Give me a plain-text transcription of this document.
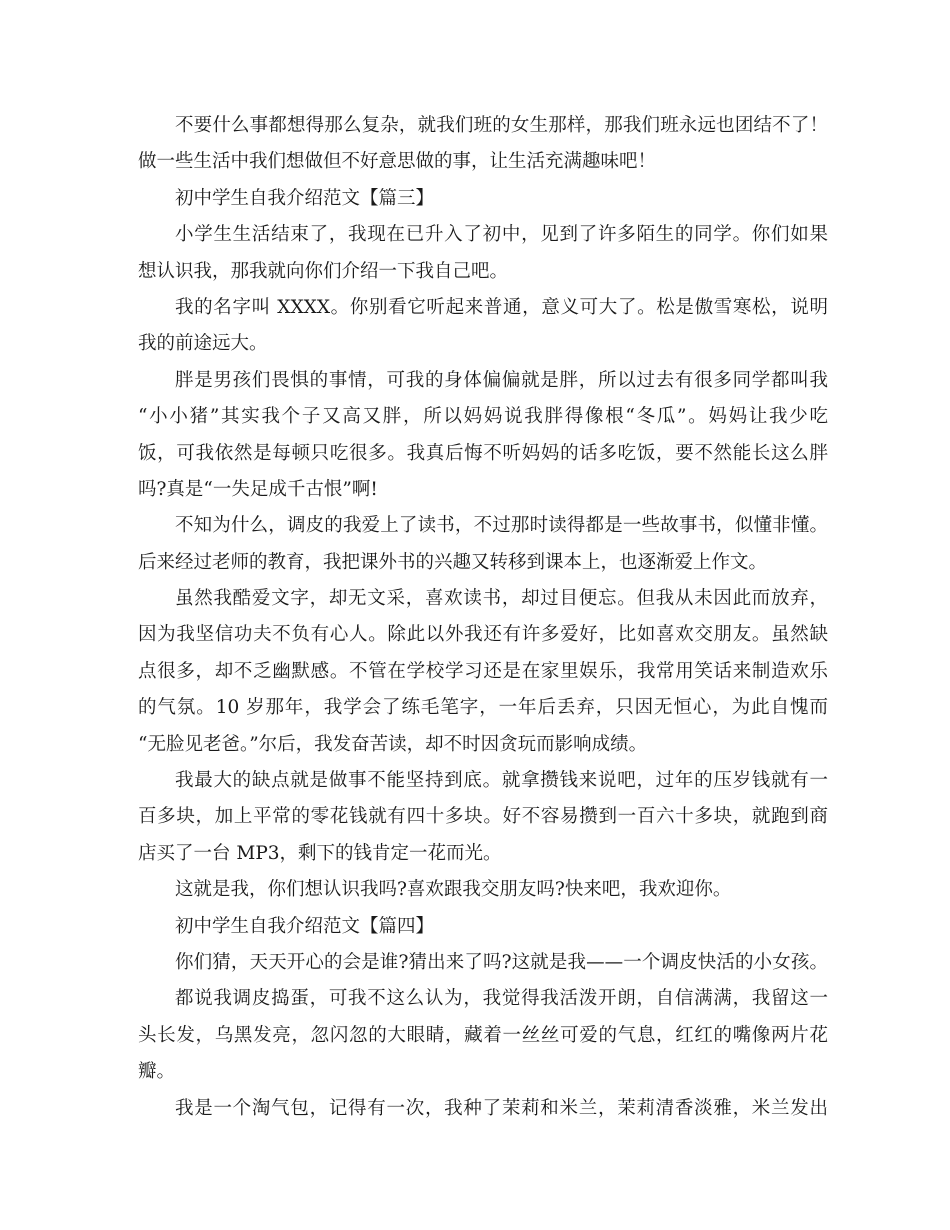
不要什么事都想得那么复杂，就我们班的女生那样，那我们班永远也团结不了！
做一些生活中我们想做但不好意思做的事，让生活充满趣味吧！
初中学生自我介绍范文【篇三】
小学生生活结束了，我现在已升入了初中，见到了许多陌生的同学。你们如果
想认识我，那我就向你们介绍一下我自己吧。
我的名字叫 XXXX。你别看它听起来普通，意义可大了。松是傲雪寒松，说明
我的前途远大。
胖是男孩们畏惧的事情，可我的身体偏偏就是胖，所以过去有很多同学都叫我
“小小猪”其实我个子又高又胖，所以妈妈说我胖得像根“冬瓜”。妈妈让我少吃
饭，可我依然是每顿只吃很多。我真后悔不听妈妈的话多吃饭，要不然能长这么胖
吗?真是“一失足成千古恨”啊!
不知为什么，调皮的我爱上了读书，不过那时读得都是一些故事书，似懂非懂。
后来经过老师的教育，我把课外书的兴趣又转移到课本上，也逐渐爱上作文。
虽然我酷爱文字，却无文采，喜欢读书，却过目便忘。但我从未因此而放弃，
因为我坚信功夫不负有心人。除此以外我还有许多爱好，比如喜欢交朋友。虽然缺
点很多，却不乏幽默感。不管在学校学习还是在家里娱乐，我常用笑话来制造欢乐
的气氛。10 岁那年，我学会了练毛笔字，一年后丢弃，只因无恒心，为此自愧而
“无脸见老爸。”尔后，我发奋苦读，却不时因贪玩而影响成绩。
我最大的缺点就是做事不能坚持到底。就拿攒钱来说吧，过年的压岁钱就有一
百多块，加上平常的零花钱就有四十多块。好不容易攒到一百六十多块，就跑到商
店买了一台 MP3，剩下的钱肯定一花而光。
这就是我，你们想认识我吗?喜欢跟我交朋友吗?快来吧，我欢迎你。
初中学生自我介绍范文【篇四】
你们猜，天天开心的会是谁?猜出来了吗?这就是我——一个调皮快活的小女孩。
都说我调皮捣蛋，可我不这么认为，我觉得我活泼开朗，自信满满，我留这一
头长发，乌黑发亮，忽闪忽的大眼睛，藏着一丝丝可爱的气息，红红的嘴像两片花
瓣。
我是一个淘气包，记得有一次，我种了茉莉和米兰，茉莉清香淡雅，米兰发出
